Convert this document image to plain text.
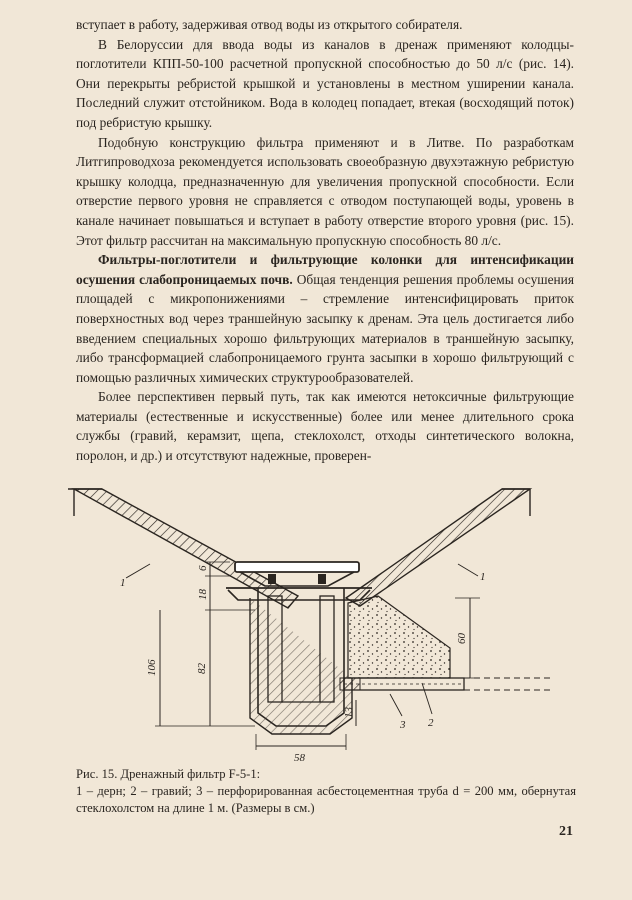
вступает в работу, задерживая отвод воды из открытого собирателя.

В Белоруссии для ввода воды из каналов в дренаж применяют колодцы-поглотители КПП-50-100 расчетной пропускной способностью до 50 л/с (рис. 14). Они перекрыты ребристой крышкой и установлены в местном уширении канала. Последний служит отстойником. Вода в колодец попадает, втекая (восходящий поток) под ребристую крышку.

Подобную конструкцию фильтра применяют и в Литве. По разработкам Литгипроводхоза рекомендуется использовать своеобразную двухэтажную ребристую крышку колодца, предназначенную для увеличения пропускной способности. Если отверстие первого уровня не справляется с отводом поступающей воды, уровень в канале начинает повышаться и вступает в работу отверстие второго уровня (рис. 15). Этот фильтр рассчитан на максимальную пропускную способность 80 л/с.

Фильтры-поглотители и фильтрующие колонки для интенсификации осушения слабопроницаемых почв. Общая тенденция решения проблемы осушения площадей с микропонижениями – стремление интенсифицировать приток поверхностных вод через траншейную засыпку к дренам. Эта цель достигается либо введением специальных хорошо фильтрующих материалов в траншейную засыпку, либо трансформацией слабопроницаемого грунта засыпки в хорошо фильтрующий с помощью различных химических структурообразователей.

Более перспективен первый путь, так как имеются нетоксичные фильтрующие материалы (естественные и искусственные) более или менее длительного срока службы (гравий, керамзит, щепа, стеклохолст, отходы синтетического волокна, поролон, и др.) и отсутствуют надежные, проверен-

6
18
106	82
13
60
58
1	1
2
3

Рис. 15. Дренажный фильтр F-5-1:

1 – дерн; 2 – гравий; 3 – перфорированная асбестоцементная труба d = 200 мм, обернутая стеклохолстом на длине 1 м. (Размеры в см.)

21
